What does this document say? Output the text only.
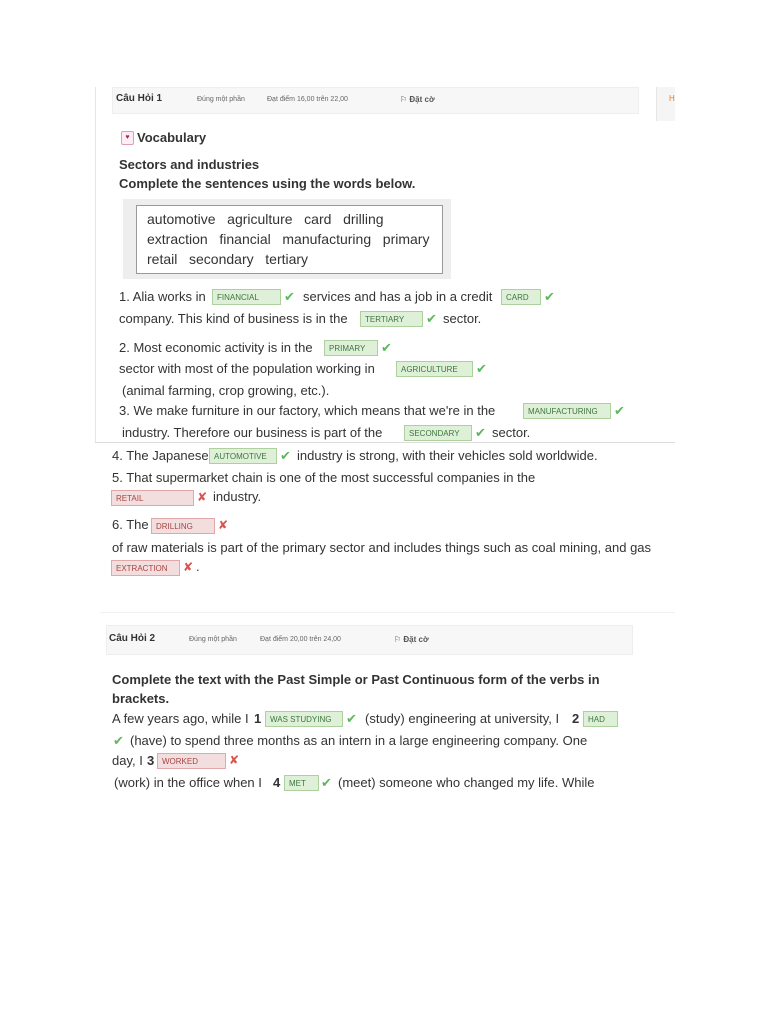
Câu Hỏi 1	Đúng một phần	Đạt điểm 16,00 trên 22,00	⚐ Đặt cờ	H
♥ Vocabulary
Sectors and industries
Complete the sentences using the words below.
automotive   agriculture   card   drilling
extraction   financial   manufacturing   primary
retail   secondary   tertiary
1. Alia works in	FINANCIAL	✔ services and has a job in a credit	CARD	✔
company. This kind of business is in the	TERTIARY	✔ sector.
2. Most economic activity is in the	PRIMARY	✔
sector with most of the population working in	AGRICULTURE	✔
(animal farming, crop growing, etc.).
3. We make furniture in our factory, which means that we're in the	MANUFACTURING	✔
industry. Therefore our business is part of the	SECONDARY	✔ sector.
4. The Japanese AUTOMOTIVE	✔ industry is strong, with their vehicles sold worldwide.
5. That supermarket chain is one of the most successful companies in the
RETAIL	✘ industry.
6. The DRILLING	✘
of raw materials is part of the primary sector and includes things such as coal mining, and gas
EXTRACTION	✘ .
Câu Hỏi 2	Đúng một phần	Đạt điểm 20,00 trên 24,00	⚐ Đặt cờ
Complete the text with the Past Simple or Past Continuous form of the verbs in
brackets.
A few years ago, while I 1	WAS STUDYING	✔ (study) engineering at university, I 2	HAD
✔ (have) to spend three months as an intern in a large engineering company. One
day, I 3 WORKED	✘
(work) in the office when I 4	MET	✔ (meet) someone who changed my life. While
